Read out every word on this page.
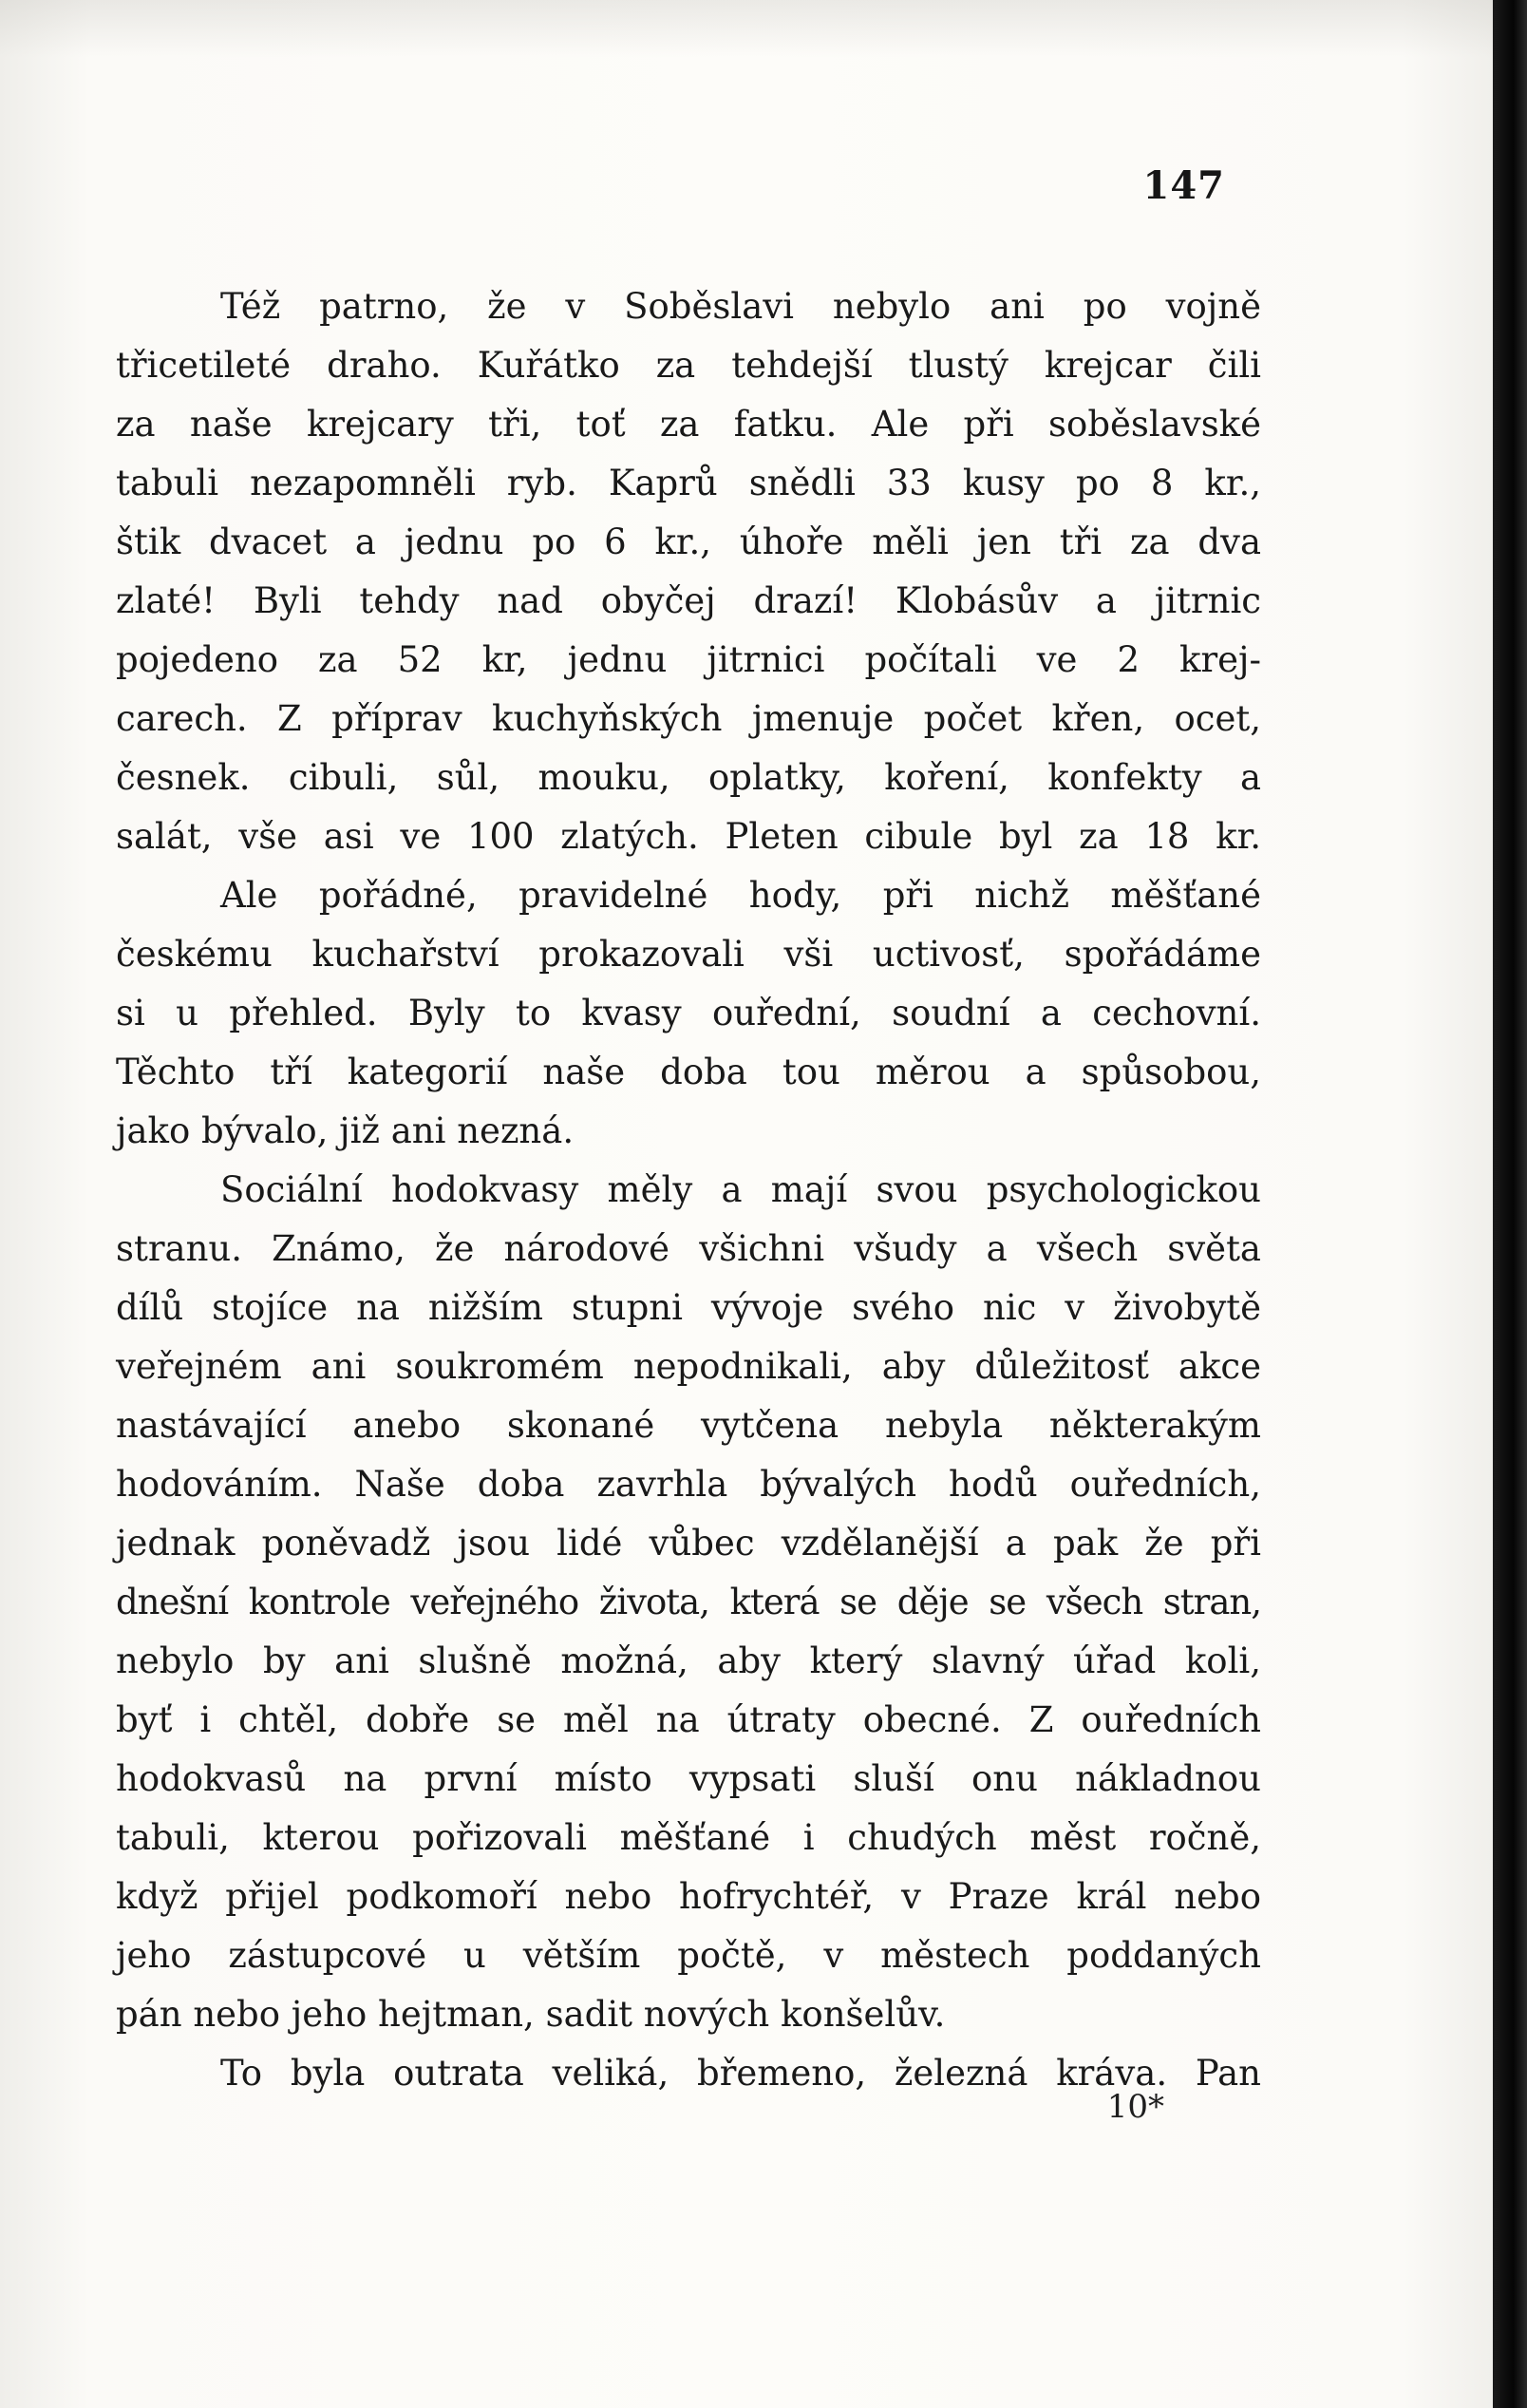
147
Též patrno, že v Soběslavi nebylo ani po vojně
třicetileté draho. Kuřátko za tehdejší tlustý krejcar čili
za naše krejcary tři, toť za fatku. Ale při soběslavské
tabuli nezapomněli ryb. Kaprů snědli 33 kusy po 8 kr.,
štik dvacet a jednu po 6 kr., úhoře měli jen tři za dva
zlaté! Byli tehdy nad obyčej drazí! Klobásův a jitrnic
pojedeno za 52 kr, jednu jitrnici počítali ve 2 krej-
carech. Z příprav kuchyňských jmenuje počet křen, ocet,
česnek. cibuli, sůl, mouku, oplatky, koření, konfekty a
salát, vše asi ve 100 zlatých. Pleten cibule byl za 18 kr.
Ale pořádné, pravidelné hody, při nichž měšťané
českému kuchařství prokazovali vši uctivosť, spořádáme
si u přehled. Byly to kvasy ouřední, soudní a cechovní.
Těchto tří kategorií naše doba tou měrou a spůsobou,
jako bývalo, již ani nezná.
Sociální hodokvasy měly a mají svou psychologickou
stranu. Známo, že národové všichni všudy a všech světa
dílů stojíce na nižším stupni vývoje svého nic v živobytě
veřejném ani soukromém nepodnikali, aby důležitosť akce
nastávající anebo skonané vytčena nebyla některakým
hodováním. Naše doba zavrhla bývalých hodů ouředních,
jednak poněvadž jsou lidé vůbec vzdělanější a pak že při
dnešní kontrole veřejného života, která se děje se všech stran,
nebylo by ani slušně možná, aby který slavný úřad koli,
byť i chtěl, dobře se měl na útraty obecné. Z ouředních
hodokvasů na první místo vypsati sluší onu nákladnou
tabuli, kterou pořizovali měšťané i chudých měst ročně,
když přijel podkomoří nebo hofrychtéř, v Praze král nebo
jeho zástupcové u větším počtě, v městech poddaných
pán nebo jeho hejtman, sadit nových konšelův.
To byla outrata veliká, břemeno, železná kráva. Pan
10*
